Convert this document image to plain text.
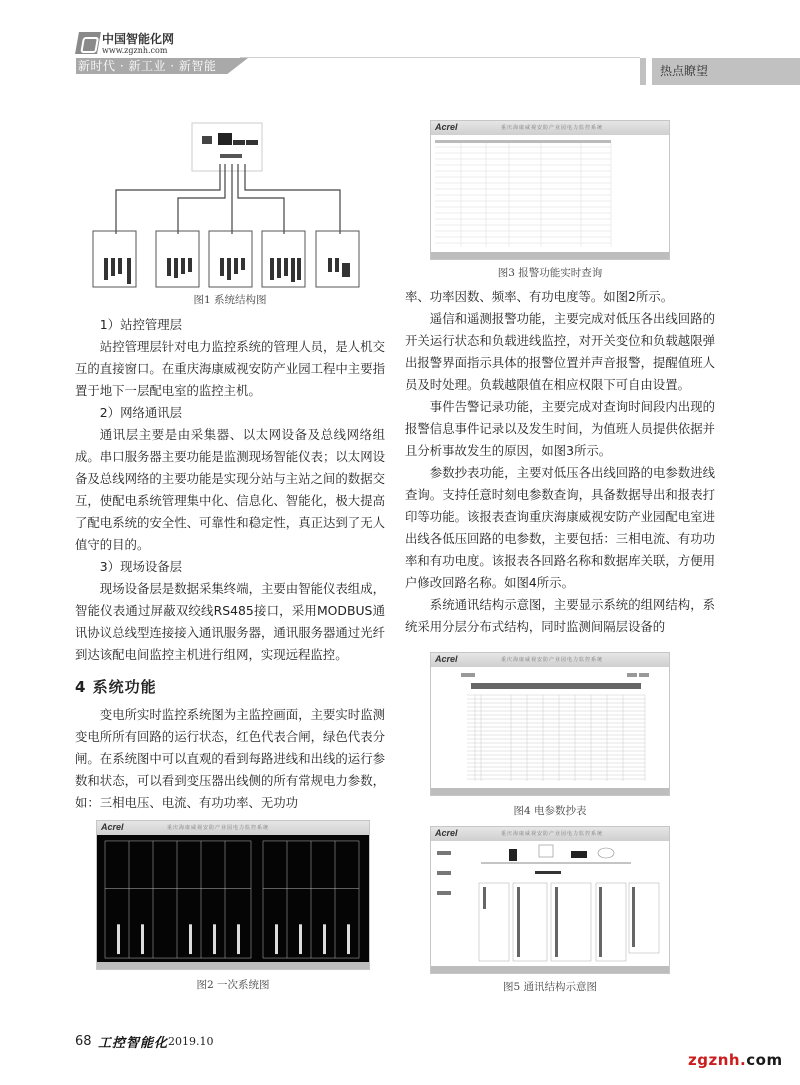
中国智能化网
www.zgznh.com
新时代 · 新工业 · 新智能	热点瞭望
图1 系统结构图

1）站控管理层

站控管理层针对电力监控系统的管理人员，是人机交互的直接窗口。在重庆海康威视安防产业园工程中主要指置于地下一层配电室的监控主机。

2）网络通讯层

通讯层主要是由采集器、以太网设备及总线网络组成。串口服务器主要功能是监测现场智能仪表；以太网设备及总线网络的主要功能是实现分站与主站之间的数据交互，使配电系统管理集中化、信息化、智能化，极大提高了配电系统的安全性、可靠性和稳定性，真正达到了无人值守的目的。

3）现场设备层

现场设备层是数据采集终端，主要由智能仪表组成，智能仪表通过屏蔽双绞线RS485接口，采用MODBUS通讯协议总线型连接接入通讯服务器，通讯服务器通过光纤到达该配电间监控主机进行组网，实现远程监控。

4 系统功能

变电所实时监控系统图为主监控画面，主要实时监测变电所所有回路的运行状态，红色代表合闸，绿色代表分闸。在系统图中可以直观的看到每路进线和出线的运行参数和状态，可以看到变压器出线侧的所有常规电力参数，如：三相电压、电流、有功功率、无功功

Acrel	重庆海康威视安防产业园电力监控系统
图2 一次系统图
Acrel	重庆海康威视安防产业园电力监控系统
图3 报警功能实时查询

率、功率因数、频率、有功电度等。如图2所示。

遥信和遥测报警功能，主要完成对低压各出线回路的开关运行状态和负载进线监控，对开关变位和负载越限弹出报警界面指示具体的报警位置并声音报警，提醒值班人员及时处理。负载越限值在相应权限下可自由设置。

事件告警记录功能，主要完成对查询时间段内出现的报警信息事件记录以及发生时间，为值班人员提供依据并且分析事故发生的原因，如图3所示。

参数抄表功能，主要对低压各出线回路的电参数进线查询。支持任意时刻电参数查询，具备数据导出和报表打印等功能。该报表查询重庆海康威视安防产业园配电室进出线各低压回路的电参数，主要包括：三相电流、有功功率和有功电度。该报表各回路名称和数据库关联，方便用户修改回路名称。如图4所示。

系统通讯结构示意图，主要显示系统的组网结构，系统采用分层分布式结构，同时监测间隔层设备的

Acrel	重庆海康威视安防产业园电力监控系统
图4 电参数抄表
Acrel	重庆海康威视安防产业园电力监控系统
图5 通讯结构示意图
68 工控智能化 2019.10
zgznh.com
